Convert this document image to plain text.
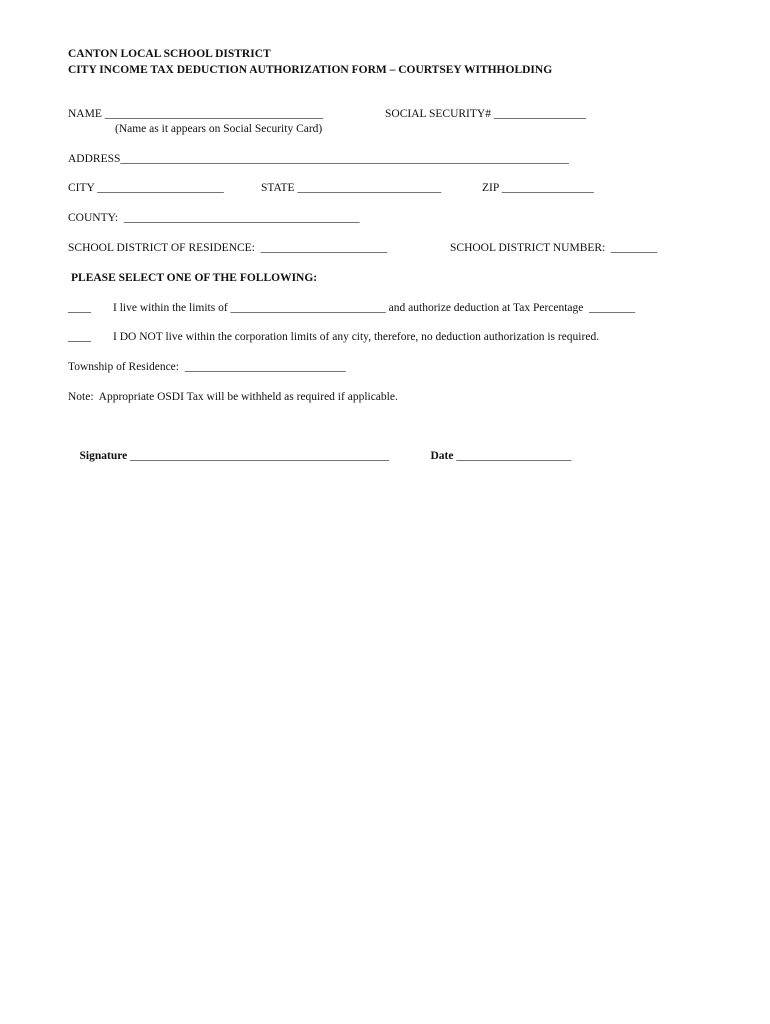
CANTON LOCAL SCHOOL DISTRICT
CITY INCOME TAX DEDUCTION AUTHORIZATION FORM – COURTSEY WITHHOLDING
NAME ______________________________________	SOCIAL SECURITY# ________________
(Name as it appears on Social Security Card)
ADDRESS______________________________________________________________________________
CITY ______________________	STATE _________________________	ZIP ________________
COUNTY:  _________________________________________
SCHOOL DISTRICT OF RESIDENCE:  ______________________	SCHOOL DISTRICT NUMBER:  ________
PLEASE SELECT ONE OF THE FOLLOWING:
____ I live within the limits of ___________________________ and authorize deduction at Tax Percentage  ________
____ I DO NOT live within the corporation limits of any city, therefore, no deduction authorization is required.
Township of Residence:  ____________________________
Note:  Appropriate OSDI Tax will be withheld as required if applicable.

Signature _____________________________________________
	Date ____________________
